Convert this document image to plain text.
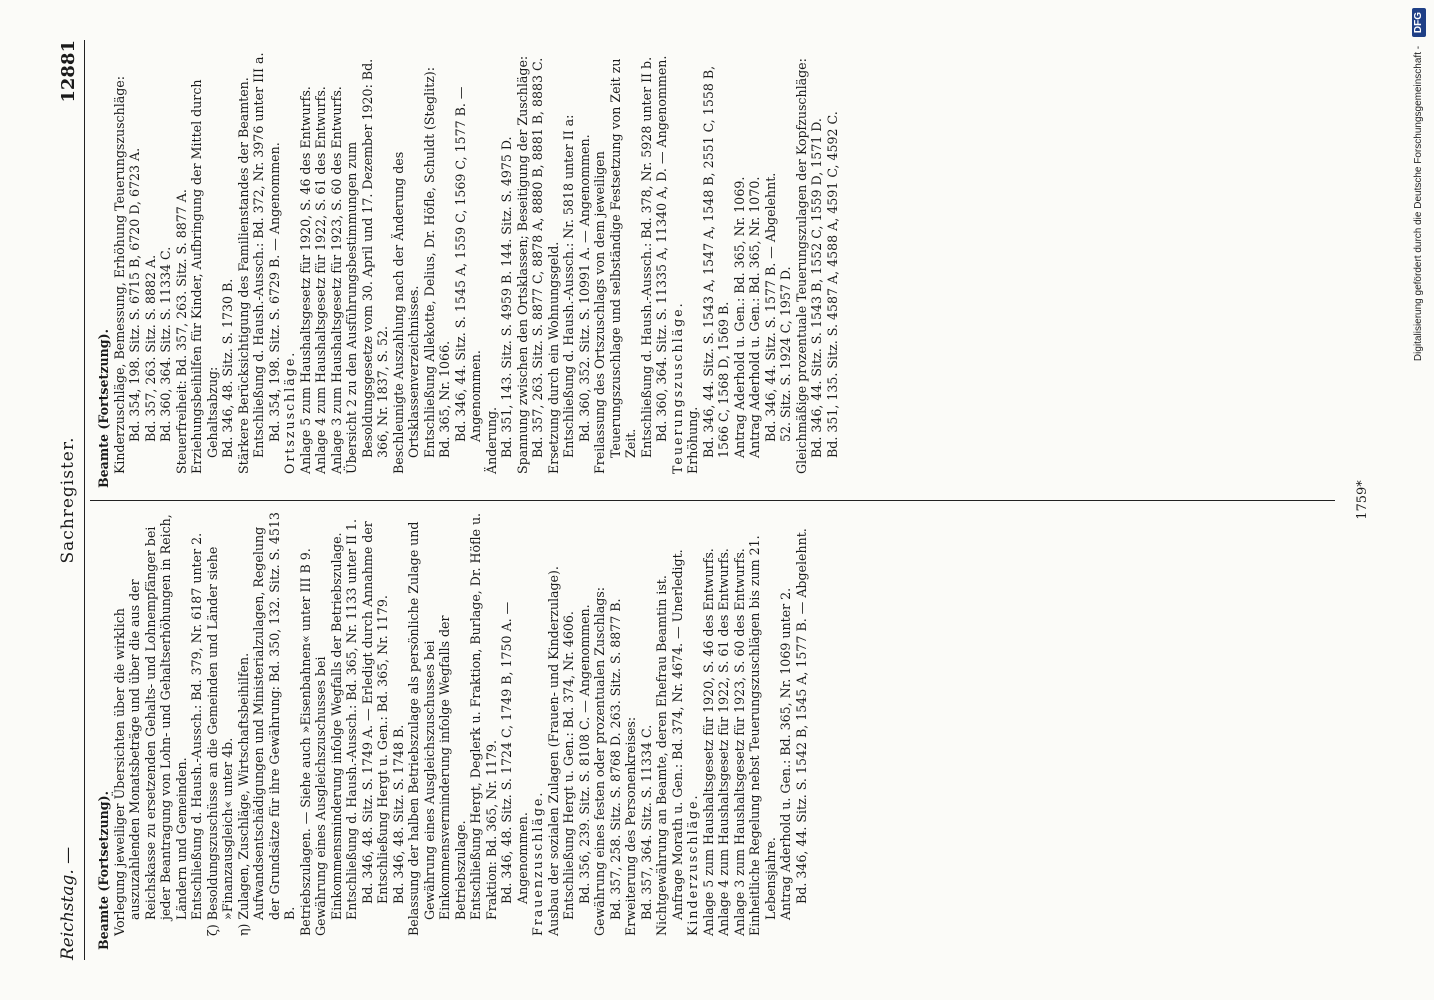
Reichstag. —
Sachregister.
12881

Beamte (Fortsetzung). Vorlegung jeweiliger Übersichten über die wirklich auszuzahlenden Monatsbeträge und über die aus der Reichskasse zu ersetzenden Gehalts- und Lohnempfänger bei jeder Beantragung von Lohn- und Gehaltserhöhungen in Reich, Ländern und Gemeinden. Entschließung d. Haush.-Aussch.: Bd. 379, Nr. 6187 unter 2. ζ) Besoldungszuschüsse an die Gemeinden und Länder siehe »Finanzausgleich« unter 4b. η) Zulagen, Zuschläge, Wirtschaftsbeihilfen. Aufwandsentschädigungen und Ministerialzulagen, Regelung der Grundsätze für ihre Gewährung: Bd. 350, 132. Sitz. S. 4513 B. Betriebszulagen. — Siehe auch »Eisenbahnen« unter III B 9. Gewährung eines Ausgleichszuschusses bei Einkommensminderung infolge Wegfalls der Betriebszulage. Entschließung d. Haush.-Aussch.: Bd. 365, Nr. 1133 unter II 1. Bd. 346, 48. Sitz. S. 1749 A. — Erledigt durch Annahme der Entschließung Hergt u. Gen.: Bd. 365, Nr. 1179. Bd. 346, 48. Sitz. S. 1748 B. Belassung der halben Betriebszulage als persönliche Zulage und Gewährung eines Ausgleichszuschusses bei Einkommensverminderung infolge Wegfalls der Betriebszulage. Entschließung Hergt, Deglerk u. Fraktion, Burlage, Dr. Höfle u. Fraktion: Bd. 365, Nr. 1179. Bd. 346, 48. Sitz. S. 1724 C, 1749 B, 1750 A. — Angenommen. Frauenzuschläge. Ausbau der sozialen Zulagen (Frauen- und Kinderzulage). Entschließung Hergt u. Gen.: Bd. 374, Nr. 4606. Bd. 356, 239. Sitz. S. 8108 C. — Angenommen. Gewährung eines festen oder prozentualen Zuschlags: Bd. 357, 258. Sitz. S. 8768 D. 263. Sitz. S. 8877 B. Erweiterung des Personenkreises: Bd. 357, 364. Sitz. S. 11334 C. Nichtgewährung an Beamte, deren Ehefrau Beamtin ist. Anfrage Morath u. Gen.: Bd. 374, Nr. 4674. — Unerledigt. Kinderzuschläge. Anlage 5 zum Haushaltsgesetz für 1920, S. 46 des Entwurfs. Anlage 4 zum Haushaltsgesetz für 1922, S. 61 des Entwurfs. Anlage 3 zum Haushaltsgesetz für 1923, S. 60 des Entwurfs. Einheitliche Regelung nebst Teuerungszuschlägen bis zum 21. Lebensjahre. Antrag Aderhold u. Gen.: Bd. 365, Nr. 1069 unter 2. Bd. 346, 44. Sitz. S. 1542 B, 1545 A, 1577 B. — Abgelehnt.

Beamte (Fortsetzung). Kinderzuschläge, Bemessung, Erhöhung Teuerungszuschläge: Bd. 354, 198. Sitz. S. 6715 B, 6720 D, 6723 A. Bd. 357, 263. Sitz. S. 8882 A. Bd. 360, 364. Sitz. S. 11334 C. Steuerfreiheit: Bd. 357, 263. Sitz. S. 8877 A. Erziehungsbeihilfen für Kinder, Aufbringung der Mittel durch Gehaltsabzug: Bd. 346, 48. Sitz. S. 1730 B. Stärkere Berücksichtigung des Familienstandes der Beamten. Entschließung d. Haush.-Aussch.: Bd. 372, Nr. 3976 unter III a. Bd. 354, 198. Sitz. S. 6729 B. — Angenommen. Ortszuschläge. Anlage 5 zum Haushaltsgesetz für 1920, S. 46 des Entwurfs. Anlage 4 zum Haushaltsgesetz für 1922, S. 61 des Entwurfs. Anlage 3 zum Haushaltsgesetz für 1923, S. 60 des Entwurfs. Übersicht 2 zu den Ausführungsbestimmungen zum Besoldungsgesetze vom 30. April und 17. Dezember 1920: Bd. 366, Nr. 1837, S. 52. Beschleunigte Auszahlung nach der Änderung des Ortsklassenverzeichnisses. Entschließung Allekotte, Delius, Dr. Höfle, Schuldt (Steglitz): Bd. 365, Nr. 1066. Bd. 346, 44. Sitz. S. 1545 A, 1559 C, 1569 C, 1577 B. — Angenommen. Änderung. Bd. 351, 143. Sitz. S. 4959 B. 144. Sitz. S. 4975 D. Spannung zwischen den Ortsklassen; Beseitigung der Zuschläge: Bd. 357, 263. Sitz. S. 8877 C, 8878 A, 8880 B, 8881 B, 8883 C. Ersetzung durch ein Wohnungsgeld. Entschließung d. Haush.-Aussch.: Nr. 5818 unter II a: Bd. 360, 352. Sitz. S. 10991 A. — Angenommen. Freilassung des Ortszuschlags von dem jeweiligen Teuerungszuschlage und selbständige Festsetzung von Zeit zu Zeit. Entschließung d. Haush.-Aussch.: Bd. 378, Nr. 5928 unter II b. Bd. 360, 364. Sitz. S. 11335 A, 11340 A, D. — Angenommen. Teuerungszuschläge. Erhöhung. Bd. 346, 44. Sitz. S. 1543 A, 1547 A, 1548 B, 2551 C, 1558 B, 1566 C, 1568 D, 1569 B. Antrag Aderhold u. Gen.: Bd. 365, Nr. 1069. Antrag Aderhold u. Gen.: Bd. 365, Nr. 1070. Bd. 346, 44. Sitz. S. 1577 B. — Abgelehnt. 52. Sitz. S. 1924 C, 1957 D. Gleichmäßige prozentuale Teuerungszulagen der Kopfzuschläge: Bd. 346, 44. Sitz. S. 1543 B, 1552 C, 1559 D, 1571 D. Bd. 351, 135. Sitz. S. 4587 A, 4588 A, 4591 C, 4592 C.

1759*
Digitalisierung gefördert durch die Deutsche Forschungsgemeinschaft - DFG
